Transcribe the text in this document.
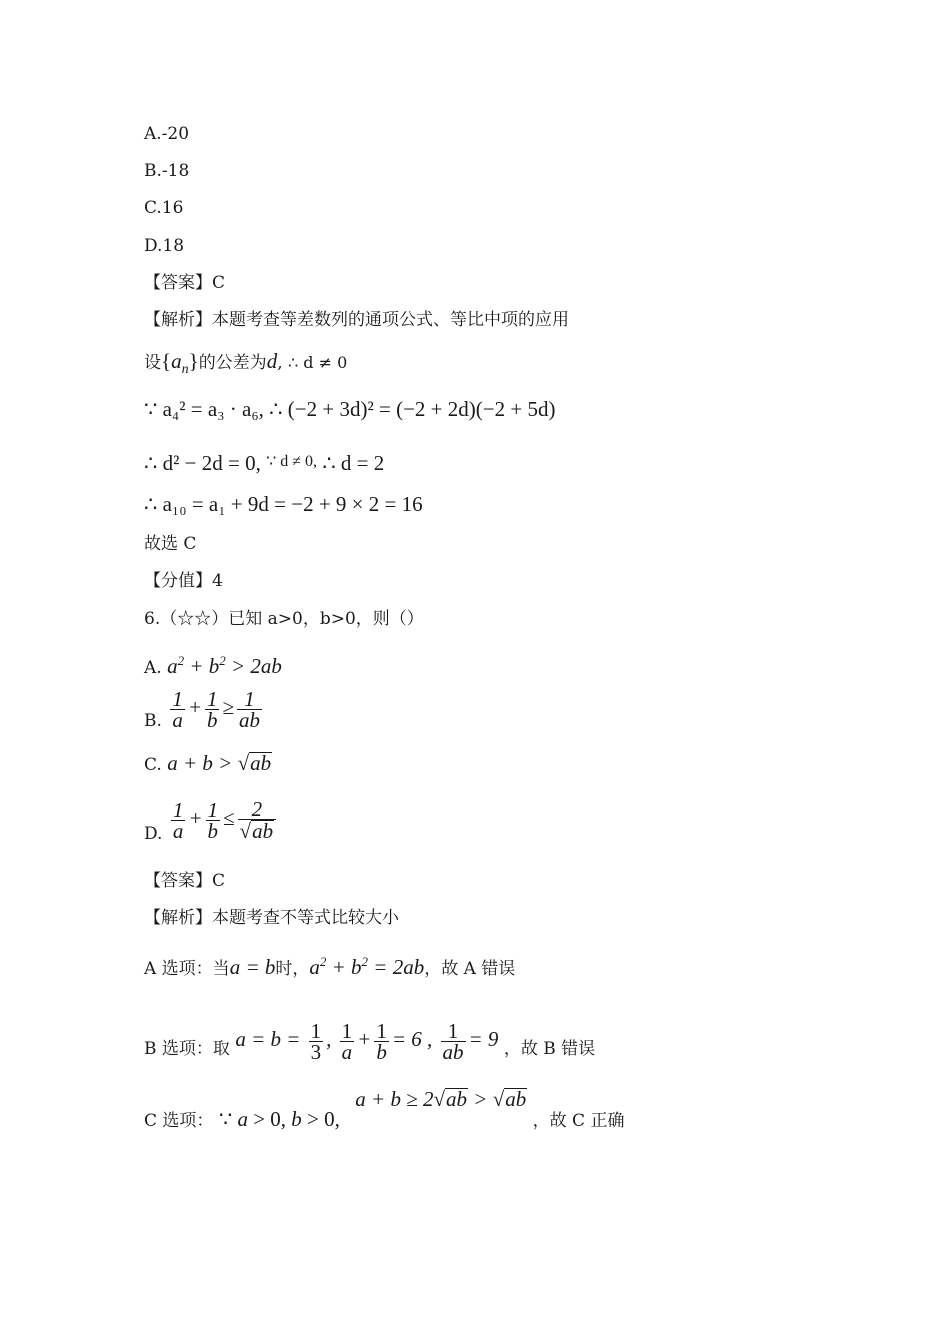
A.-20
B.-18
C.16
D.18
【答案】C
【解析】本题考查等差数列的通项公式、等比中项的应用
设$\{a_n\}$的公差为d, ∴ d ≠ 0
∵ a₄² = a₃ · a₆, ∴ (−2 + 3d)² = (−2 + 2d)(−2 + 5d)
∴ d² − 2d = 0, ∵ d ≠ 0, ∴ d = 2
∴ a₁₀ = a₁ + 9d = −2 + 9 × 2 = 16
故选 C
【分值】4
6.（☆☆）已知 a>0，b>0，则（）
A. $a^2 + b^2 > 2ab$
B. $\frac{1}{a} + \frac{1}{b} \ge \frac{1}{ab}$
C. a + b > √ab
D. $\frac{1}{a} + \frac{1}{b} \le \frac{2}{√ab}$
【答案】C
【解析】本题考查不等式比较大小
A 选项：当a = b时，$a^2 + b^2 = 2ab$，故 A 错误
B 选项：取 $a = b = \frac{1}{3}$ , $\frac{1}{a} + \frac{1}{b} = 6$ , $\frac{1}{ab} = 9$ ，故 B 错误
C 选项： ∵ a > 0, b > 0, a + b ≥ 2√ab > √ab ，故 C 正确
